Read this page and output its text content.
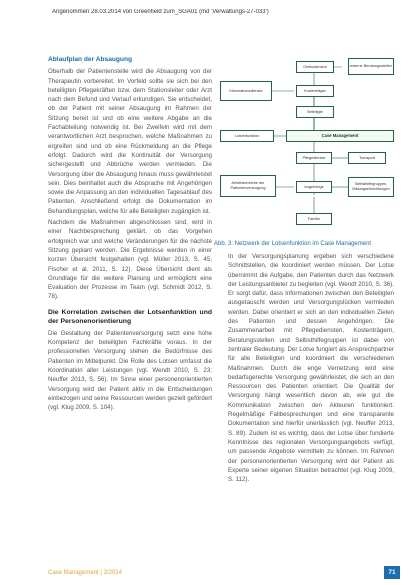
Angenommen 28.03.2014 von Greenfield zum_SGA01 (md 'Verwaltungs-27-033')
Ablaufplan der Absaugung

Oberhalb der Patientenstelle wird die Absaugung von der Therapeutin vorbereitet. Im Vorfeld sollte sie sich bei den beteiligten Pflegekräften bzw. dem Stationsleiter oder Arzt nach dem Befund und Verlauf erkundigen. Sie entscheidet, ob der Patient mit seiner Absaugung im Rahmen der Sitzung bereit ist und ob eine weitere Abgabe an die Fachabteilung notwendig ist. Bei Zweifeln wird mit dem verantwortlichen Arzt besprochen, welche Maßnahmen zu ergreifen sind und ob eine Rückmeldung an die Pflege erfolgt. Dadurch wird die Kontinuität der Versorgung sichergestellt und Abbrüche werden vermieden. Die Versorgung über die Absaugung hinaus muss gewährleistet sein. Dies beinhaltet auch die Absprache mit Angehörigen sowie die Anpassung an den individuellen Tagesablauf des Patienten. Anschließend erfolgt die Dokumentation im Behandlungsplan, welche für alle Beteiligten zugänglich ist.

Nachdem die Maßnahmen abgeschlossen sind, wird in einer Nachbesprechung geklärt, ob das Vorgehen erfolgreich war und welche Veränderungen für die nächste Sitzung geplant werden. Die Ergebnisse werden in einer kurzen Übersicht festgehalten (vgl. Müller 2013, S. 45; Fischer et al. 2011, S. 12). Diese Übersicht dient als Grundlage für die weitere Planung und ermöglicht eine Evaluation der Prozesse im Team (vgl. Schmidt 2012, S. 78).

Die Korrelation zwischen der Lotsenfunktion und der Personenorientierung

Die Gestaltung der Patientenversorgung setzt eine hohe Kompetenz der beteiligten Fachkräfte voraus. In der professionellen Versorgung stehen die Bedürfnisse des Patienten im Mittelpunkt. Die Rolle des Lotsen umfasst die Koordination aller Leistungen (vgl. Wendt 2010, S. 23; Neuffer 2013, S. 56). Im Sinne einer personenorientierten Versorgung wird der Patient aktiv in die Entscheidungen einbezogen und seine Ressourcen werden gezielt gefördert (vgl. Klug 2009, S. 104).

Ombudsmann	externe Beratungsstellen
Informationsdienste	Kostenträger
Beteiligte
Lotsenfunktion	Case Management
Pflegedienste	Transport
Arbeitsbereiche der Patientenversorgung	Angehörige
Selbsthilfegruppen, Bildungseinrichtungen
Familie
Abb. 3: Netzwerk der Lotsenfunktion im Case Management

In der Versorgungsplanung ergeben sich verschiedene Schnittstellen, die koordiniert werden müssen. Der Lotse übernimmt die Aufgabe, den Patienten durch das Netzwerk der Leistungsanbieter zu begleiten (vgl. Wendt 2010, S. 36). Er sorgt dafür, dass Informationen zwischen den Beteiligten ausgetauscht werden und Versorgungslücken vermieden werden. Dabei orientiert er sich an den individuellen Zielen des Patienten und dessen Angehörigen. Die Zusammenarbeit mit Pflegediensten, Kostenträgern, Beratungsstellen und Selbsthilfegruppen ist dabei von zentraler Bedeutung. Der Lotse fungiert als Ansprechpartner für alle Beteiligten und koordiniert die verschiedenen Maßnahmen. Durch die enge Vernetzung wird eine bedarfsgerechte Versorgung gewährleistet, die sich an den Ressourcen des Patienten orientiert. Die Qualität der Versorgung hängt wesentlich davon ab, wie gut die Kommunikation zwischen den Akteuren funktioniert. Regelmäßige Fallbesprechungen und eine transparente Dokumentation sind hierfür unerlässlich (vgl. Neuffer 2013, S. 89). Zudem ist es wichtig, dass der Lotse über fundierte Kenntnisse des regionalen Versorgungsangebots verfügt, um passende Angebote vermitteln zu können. Im Rahmen der personenorientierten Versorgung wird der Patient als Experte seiner eigenen Situation betrachtet (vgl. Klug 2009, S. 112).

Case Management | 2/2014	71
